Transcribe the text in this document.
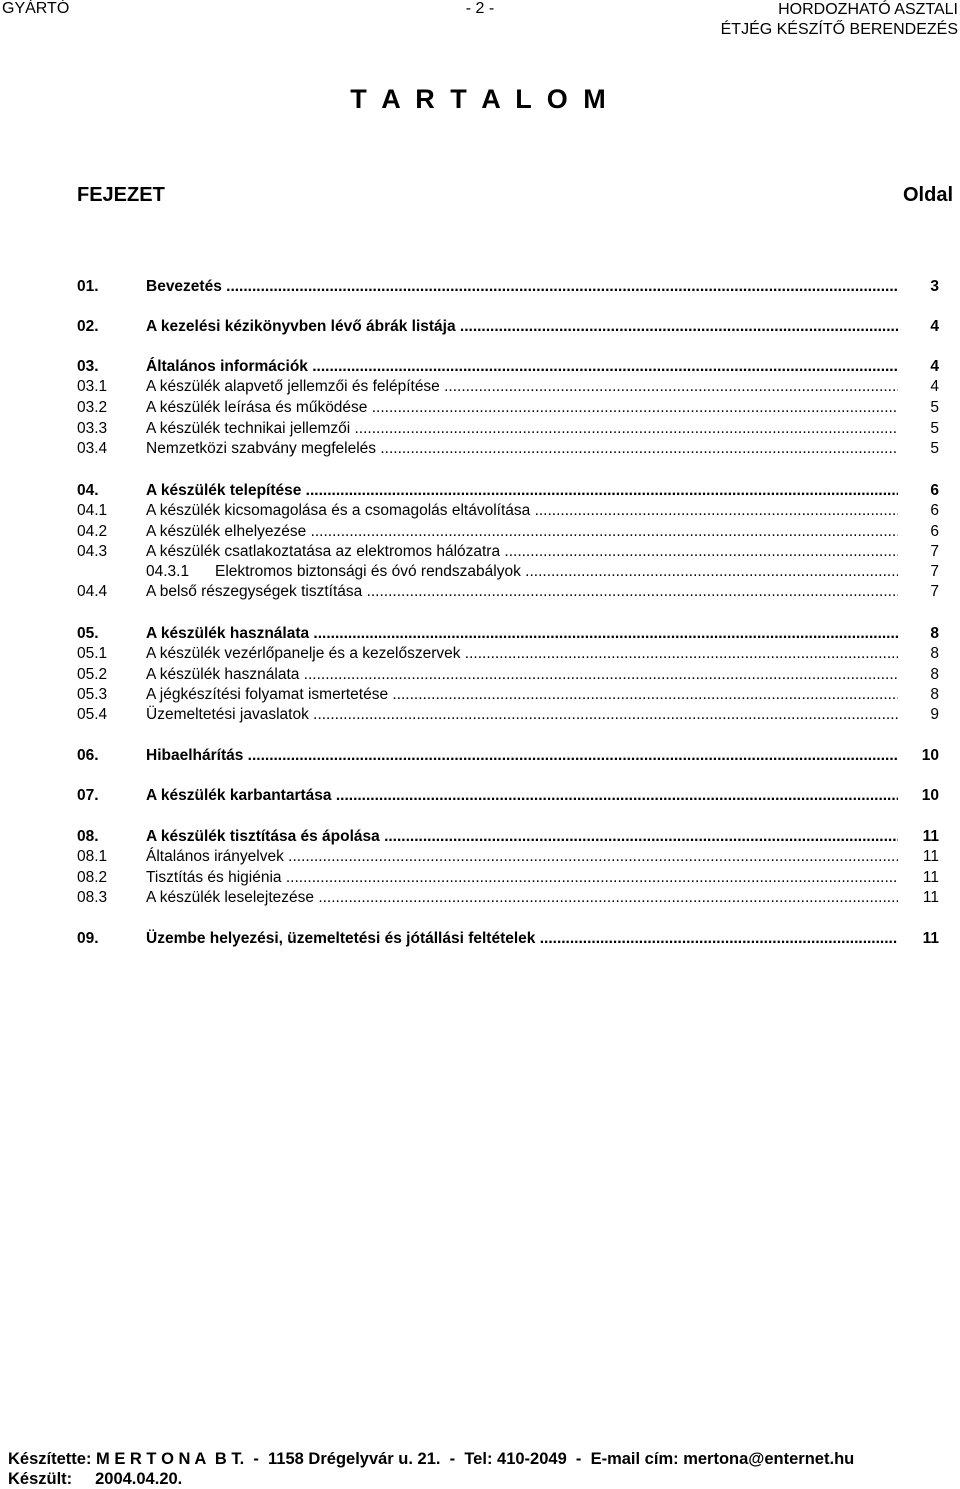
GYÁRTÓ	- 2 -	HORDOZHATÓ ASZTALI
ÉTJÉG KÉSZÍTŐ BERENDEZÉS
T A R T A L O M
FEJEZET	Oldal
01.	Bevezetés .....	3
02.	A kezelési kézikönyvben lévő ábrák listája .....	4
03.	Általános információk .....	4
03.1	A készülék alapvető jellemzői és felépítése .....	4
03.2	A készülék leírása és működése .....	5
03.3	A készülék technikai jellemzői .....	5
03.4	Nemzetközi szabvány megfelelés .....	5
04.	A készülék telepítése .....	6
04.1	A készülék kicsomagolása és a csomagolás eltávolítása .....	6
04.2	A készülék elhelyezése .....	6
04.3	A készülék csatlakoztatása az elektromos hálózatra .....	7
04.3.1 Elektromos biztonsági és óvó rendszabályok .....	7
04.4	A belső részegységek tisztítása .....	7
05.	A készülék használata .....	8
05.1	A készülék vezérlőpanelje és a kezelőszervek .....	8
05.2	A készülék használata .....	8
05.3	A jégkészítési folyamat ismertetése .....	8
05.4	Üzemeltetési javaslatok .....	9
06.	Hibaelhárítás .....	10
07.	A készülék karbantartása .....	10
08.	A készülék tisztítása és ápolása .....	11
08.1	Általános irányelvek .....	11
08.2	Tisztítás és higiénia .....	11
08.3	A készülék leselejtezése .....	11
09.	Üzembe helyezési, üzemeltetési és jótállási feltételek .....	11
Készítette: M E R T O N A  B T.  -  1158 Drégelyvár u. 21.  -  Tel: 410-2049  -  E-mail cím: mertona@enternet.hu
Készült:     2004.04.20.
